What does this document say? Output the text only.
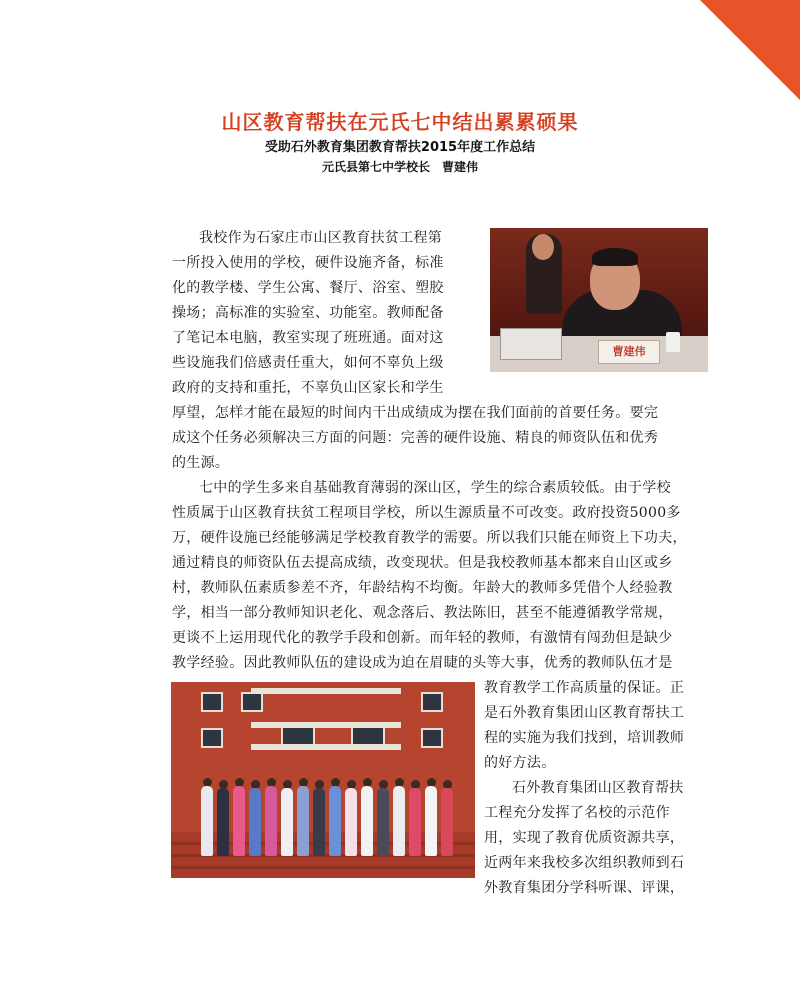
山区教育帮扶在元氏七中结出累累硕果
受助石外教育集团教育帮扶2015年度工作总结
元氏县第七中学校长　曹建伟
曹建伟

我校作为石家庄市山区教育扶贫工程第

一所投入使用的学校，硬件设施齐备，标准

化的教学楼、学生公寓、餐厅、浴室、塑胶

操场；高标准的实验室、功能室。教师配备

了笔记本电脑，教室实现了班班通。面对这

些设施我们倍感责任重大，如何不辜负上级

政府的支持和重托，不辜负山区家长和学生

厚望，怎样才能在最短的时间内干出成绩成为摆在我们面前的首要任务。要完

成这个任务必须解决三方面的问题：完善的硬件设施、精良的师资队伍和优秀

的生源。

七中的学生多来自基础教育薄弱的深山区，学生的综合素质较低。由于学校

性质属于山区教育扶贫工程项目学校，所以生源质量不可改变。政府投资5000多

万，硬件设施已经能够满足学校教育教学的需要。所以我们只能在师资上下功夫，

通过精良的师资队伍去提高成绩，改变现状。但是我校教师基本都来自山区或乡

村，教师队伍素质参差不齐，年龄结构不均衡。年龄大的教师多凭借个人经验教

学，相当一部分教师知识老化、观念落后、教法陈旧，甚至不能遵循教学常规，

更谈不上运用现代化的教学手段和创新。而年轻的教师，有激情有闯劲但是缺少

教学经验。因此教师队伍的建设成为迫在眉睫的头等大事，优秀的教师队伍才是

教育教学工作高质量的保证。正

是石外教育集团山区教育帮扶工

程的实施为我们找到，培训教师

的好方法。

石外教育集团山区教育帮扶

工程充分发挥了名校的示范作

用，实现了教育优质资源共享，

近两年来我校多次组织教师到石

外教育集团分学科听课、评课，
